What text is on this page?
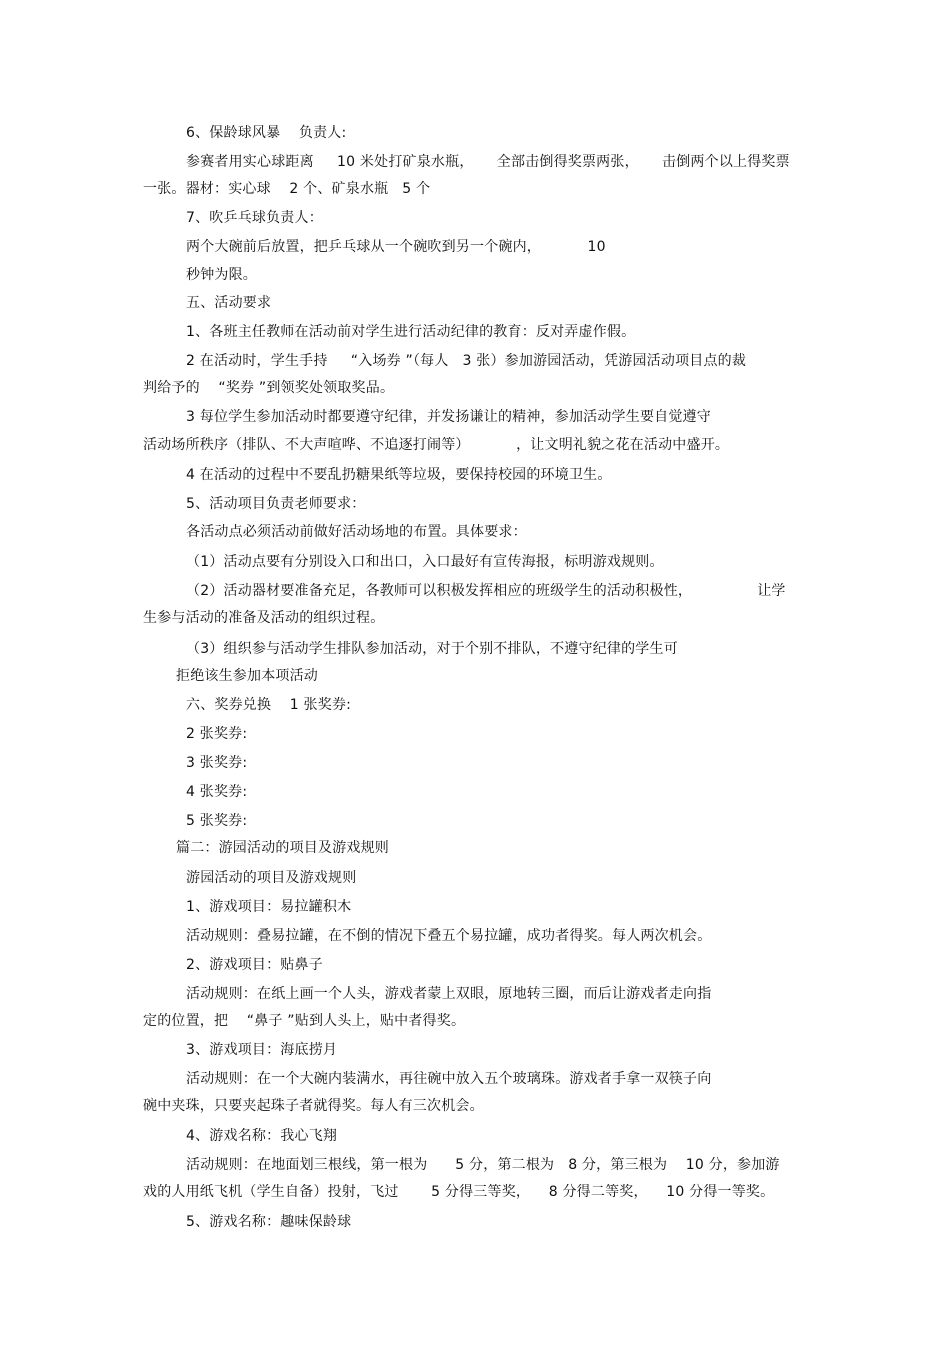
6、保龄球风暴    负责人:
参赛者用实心球距离     10 米处打矿泉水瓶，     全部击倒得奖票两张，     击倒两个以上得奖票
一张。器材：实心球    2 个、矿泉水瓶   5 个
7、吹乒乓球负责人：
两个大碗前后放置，把乒乓球从一个碗吹到另一个碗内，          10
秒钟为限。
五、活动要求
1、各班主任教师在活动前对学生进行活动纪律的教育：反对弄虚作假。
2 在活动时，学生手持     “入场券 ”（每人   3 张）参加游园活动，凭游园活动项目点的裁
判给予的    “奖券 ”到领奖处领取奖品。
3 每位学生参加活动时都要遵守纪律，并发扬谦让的精神，参加活动学生要自觉遵守
活动场所秩序（排队、不大声喧哗、不追逐打闹等）          ，让文明礼貌之花在活动中盛开。
4 在活动的过程中不要乱扔糖果纸等垃圾，要保持校园的环境卫生。
5、活动项目负责老师要求：
各活动点必须活动前做好活动场地的布置。具体要求：
（1）活动点要有分别设入口和出口，入口最好有宣传海报，标明游戏规则。
（2）活动器材要准备充足，各教师可以积极发挥相应的班级学生的活动积极性，              让学
生参与活动的准备及活动的组织过程。
（3）组织参与活动学生排队参加活动，对于个别不排队，不遵守纪律的学生可
拒绝该生参加本项活动
六、奖券兑换    1 张奖券:
2 张奖券:
3 张奖券:
4 张奖券:
5 张奖券:
篇二：游园活动的项目及游戏规则
游园活动的项目及游戏规则
1、游戏项目：易拉罐积木
活动规则：叠易拉罐，在不倒的情况下叠五个易拉罐，成功者得奖。每人两次机会。
2、游戏项目：贴鼻子
活动规则：在纸上画一个人头，游戏者蒙上双眼，原地转三圈，而后让游戏者走向指
定的位置，把    “鼻子 ”贴到人头上，贴中者得奖。
3、游戏项目：海底捞月
活动规则：在一个大碗内装满水，再往碗中放入五个玻璃珠。游戏者手拿一双筷子向
碗中夹珠，只要夹起珠子者就得奖。每人有三次机会。
4、游戏名称：我心飞翔
活动规则：在地面划三根线，第一根为      5 分，第二根为   8 分，第三根为    10 分，参加游
戏的人用纸飞机（学生自备）投射，飞过       5 分得三等奖，    8 分得二等奖，    10 分得一等奖。
5、游戏名称：趣味保龄球
